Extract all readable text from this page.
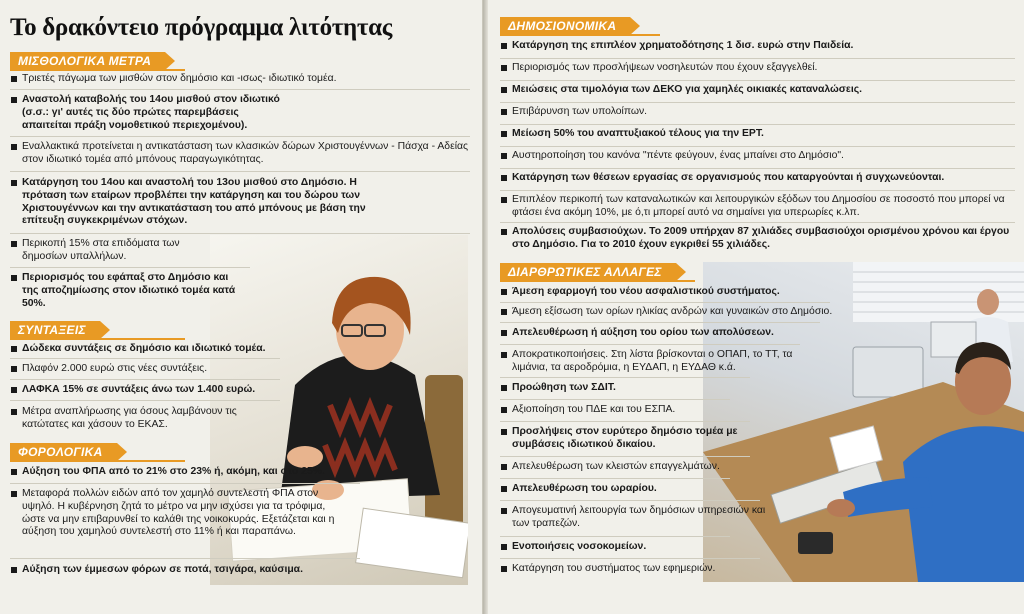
Το δρακόντειο πρόγραμμα λιτότητας
ΜΙΣΘΟΛΟΓΙΚΑ ΜΕΤΡΑ
Τριετές πάγωμα των μισθών στον δημόσιο και -ισως- ιδιωτικό τομέα.
Αναστολή καταβολής του 14ου μισθού στον ιδιωτικό (σ.σ.: γι' αυτές τις δύο πρώτες παρεμβάσεις απαιτείται πράξη νομοθετικού περιεχομένου).
Εναλλακτικά προτείνεται η αντικατάσταση των κλασικών δώρων Χριστουγέννων - Πάσχα - Αδείας στον ιδιωτικό τομέα από μπόνους παραγωγικότητας.
Κατάργηση του 14ου και αναστολή του 13ου μισθού στο Δημόσιο. Η πρόταση των εταίρων προβλέπει την κατάργηση και του δώρου των Χριστουγέννων και την αντικατάσταση του από μπόνους με βάση την επίτευξη συγκεκριμένων στόχων.
Περικοπή 15% στα επιδόματα των δημοσίων υπαλλήλων.
Περιορισμός του εφάπαξ στο Δημόσιο και της αποζημίωσης στον ιδιωτικό τομέα κατά 50%.
ΣΥΝΤΑΞΕΙΣ
Δώδεκα συντάξεις σε δημόσιο και ιδιωτικό τομέα.
Πλαφόν 2.000 ευρώ στις νέες συντάξεις.
ΛΑΦΚΑ 15% σε συντάξεις άνω των 1.400 ευρώ.
Μέτρα αναπλήρωσης για όσους λαμβάνουν τις κατώτατες και χάσουν το ΕΚΑΣ.
ΦΟΡΟΛΟΓΙΚΑ
Αύξηση του ΦΠΑ από το 21% στο 23% ή, ακόμη, και στο 25%.
Μεταφορά πολλών ειδών από τον χαμηλό συντελεστή ΦΠΑ στον υψηλό. Η κυβέρνηση ζητά το μέτρο να μην ισχύσει για τα τρόφιμα, ώστε να μην επιβαρυνθεί το καλάθι της νοικοκυράς. Εξετάζεται και η αύξηση του χαμηλού συντελεστή στο 11% ή και παραπάνω.
Αύξηση των έμμεσων φόρων σε ποτά, τσιγάρα, καύσιμα.
ΔΗΜΟΣΙΟΝΟΜΙΚΑ
Κατάργηση της επιπλέον χρηματοδότησης 1 δισ. ευρώ στην Παιδεία.
Περιορισμός των προσλήψεων νοσηλευτών που έχουν εξαγγελθεί.
Μειώσεις στα τιμολόγια των ΔΕΚΟ για χαμηλές οικιακές καταναλώσεις.
Επιβάρυνση των υπολοίπων.
Μείωση 50% του αναπτυξιακού τέλους για την ΕΡΤ.
Αυστηροποίηση του κανόνα "πέντε φεύγουν, ένας μπαίνει στο Δημόσιο".
Κατάργηση των θέσεων εργασίας σε οργανισμούς που καταργούνται ή συγχωνεύονται.
Επιπλέον περικοπή των καταναλωτικών και λειτουργικών εξόδων του Δημοσίου σε ποσοστό που μπορεί να φτάσει ένα ακόμη 10%, με ό,τι μπορεί αυτό να σημαίνει για υπερωρίες κ.λπ.
Απολύσεις συμβασιούχων. Το 2009 υπήρχαν 87 χιλιάδες συμβασιούχοι ορισμένου χρόνου και έργου στο Δημόσιο. Για το 2010 έχουν εγκριθεί 55 χιλιάδες.
ΔΙΑΡΘΡΩΤΙΚΕΣ ΑΛΛΑΓΕΣ
Άμεση εφαρμογή του νέου ασφαλιστικού συστήματος.
Άμεση εξίσωση των ορίων ηλικίας ανδρών και γυναικών στο Δημόσιο.
Απελευθέρωση ή αύξηση του ορίου των απολύσεων.
Αποκρατικοποιήσεις. Στη λίστα βρίσκονται ο ΟΠΑΠ, το ΤΤ, τα λιμάνια, τα αεροδρόμια, η ΕΥΔΑΠ, η ΕΥΔΑΘ κ.ά.
Προώθηση των ΣΔΙΤ.
Αξιοποίηση του ΠΔΕ και του ΕΣΠΑ.
Προσλήψεις στον ευρύτερο δημόσιο τομέα με συμβάσεις ιδιωτικού δικαίου.
Απελευθέρωση των κλειστών επαγγελμάτων.
Απελευθέρωση του ωραρίου.
Απογευματινή λειτουργία των δημόσιων υπηρεσιών και των τραπεζών.
Ενοποιήσεις νοσοκομείων.
Κατάργηση του συστήματος των εφημεριών.
